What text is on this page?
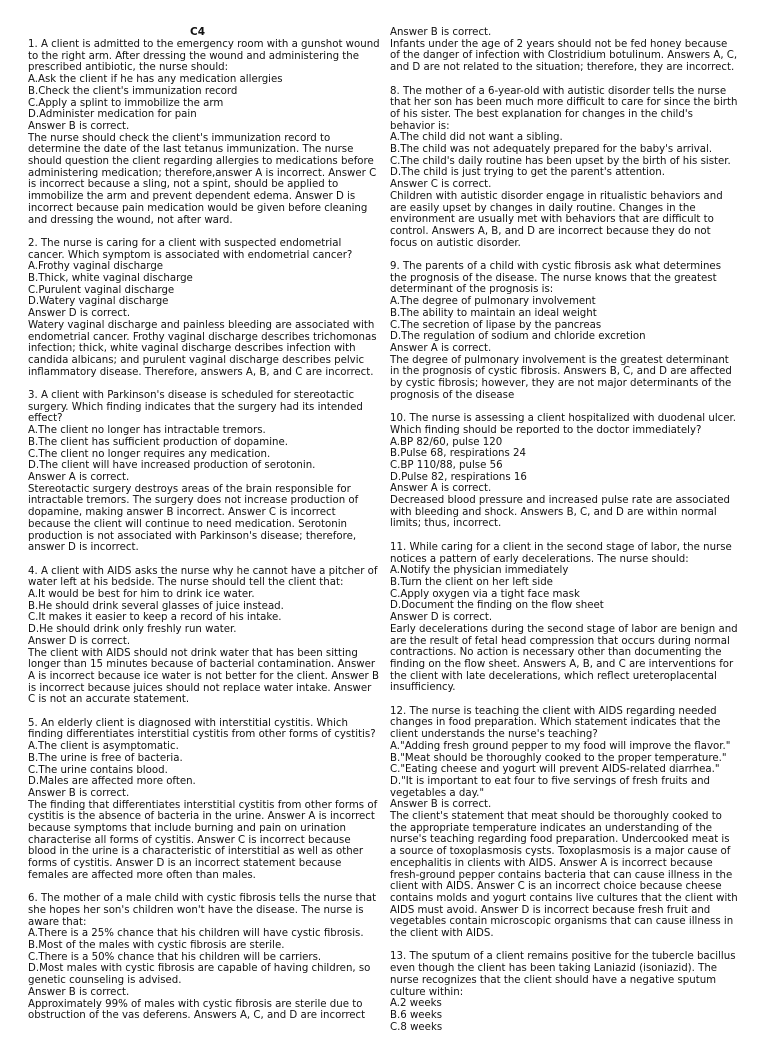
C4
1. A client is admitted to the emergency room with a gunshot wound to the right arm. After dressing the wound and administering the prescribed antibiotic, the nurse should:
A.Ask the client if he has any medication allergies
B.Check the client's immunization record
C.Apply a splint to immobilize the arm
D.Administer medication for pain
Answer B is correct.
The nurse should check the client's immunization record to determine the date of the last tetanus immunization. The nurse should question the client regarding allergies to medications before administering medication; therefore,answer A is incorrect. Answer C is incorrect because a sling, not a spint, should be applied to immobilize the arm and prevent dependent edema. Answer D is incorrect because pain medication would be given before cleaning and dressing the wound, not after ward.
2. The nurse is caring for a client with suspected endometrial cancer. Which symptom is associated with endometrial cancer?
A.Frothy vaginal discharge
B.Thick, white vaginal discharge
C.Purulent vaginal discharge
D.Watery vaginal discharge
Answer D is correct.
Watery vaginal discharge and painless bleeding are associated with endometrial cancer. Frothy vaginal discharge describes trichomonas infection; thick, white vaginal discharge describes infection with candida albicans; and purulent vaginal discharge describes pelvic inflammatory disease. Therefore, answers A, B, and C are incorrect.
3. A client with Parkinson's disease is scheduled for stereotactic surgery. Which finding indicates that the surgery had its intended effect?
A.The client no longer has intractable tremors.
B.The client has sufficient production of dopamine.
C.The client no longer requires any medication.
D.The client will have increased production of serotonin.
Answer A is correct.
Stereotactic surgery destroys areas of the brain responsible for intractable tremors. The surgery does not increase production of dopamine, making answer B incorrect. Answer C is incorrect because the client will continue to need medication. Serotonin production is not associated with Parkinson's disease; therefore, answer D is incorrect.
4. A client with AIDS asks the nurse why he cannot have a pitcher of water left at his bedside. The nurse should tell the client that:
A.It would be best for him to drink ice water.
B.He should drink several glasses of juice instead.
C.It makes it easier to keep a record of his intake.
D.He should drink only freshly run water.
Answer D is correct.
The client with AIDS should not drink water that has been sitting longer than 15 minutes because of bacterial contamination. Answer A is incorrect because ice water is not better for the client. Answer B is incorrect because juices should not replace water intake. Answer C is not an accurate statement.
5. An elderly client is diagnosed with interstitial cystitis. Which finding differentiates interstitial cystitis from other forms of cystitis?
A.The client is asymptomatic.
B.The urine is free of bacteria.
C.The urine contains blood.
D.Males are affected more often.
Answer B is correct.
The finding that differentiates interstitial cystitis from other forms of cystitis is the absence of bacteria in the urine. Answer A is incorrect because symptoms that include burning and pain on urination characterise all forms of cystitis. Answer C is incorrect because blood in the urine is a characteristic of interstitial as well as other forms of cystitis. Answer D is an incorrect statement because females are affected more often than males.
6. The mother of a male child with cystic fibrosis tells the nurse that she hopes her son's children won't have the disease. The nurse is aware that:
A.There is a 25% chance that his children will have cystic fibrosis.
B.Most of the males with cystic fibrosis are sterile.
C.There is a 50% chance that his children will be carriers.
D.Most males with cystic fibrosis are capable of having children, so genetic counseling is advised.
Answer B is correct.
Approximately 99% of males with cystic fibrosis are sterile due to obstruction of the vas deferens. Answers A, C, and D are incorrect
Answer B is correct.
Infants under the age of 2 years should not be fed honey because of the danger of infection with Clostridium botulinum. Answers A, C, and D are not related to the situation; therefore, they are incorrect.
8. The mother of a 6-year-old with autistic disorder tells the nurse that her son has been much more difficult to care for since the birth of his sister. The best explanation for changes in the child's behavior is:
A.The child did not want a sibling.
B.The child was not adequately prepared for the baby's arrival.
C.The child's daily routine has been upset by the birth of his sister.
D.The child is just trying to get the parent's attention.
Answer C is correct.
Children with autistic disorder engage in ritualistic behaviors and are easily upset by changes in daily routine. Changes in the environment are usually met with behaviors that are difficult to control. Answers A, B, and D are incorrect because they do not focus on autistic disorder.
9. The parents of a child with cystic fibrosis ask what determines the prognosis of the disease. The nurse knows that the greatest determinant of the prognosis is:
A.The degree of pulmonary involvement
B.The ability to maintain an ideal weight
C.The secretion of lipase by the pancreas
D.The regulation of sodium and chloride excretion
Answer A is correct.
The degree of pulmonary involvement is the greatest determinant in the prognosis of cystic fibrosis. Answers B, C, and D are affected by cystic fibrosis; however, they are not major determinants of the prognosis of the disease
10. The nurse is assessing a client hospitalized with duodenal ulcer. Which finding should be reported to the doctor immediately?
A.BP 82/60, pulse 120
B.Pulse 68, respirations 24
C.BP 110/88, pulse 56
D.Pulse 82, respirations 16
Answer A is correct.
Decreased blood pressure and increased pulse rate are associated with bleeding and shock. Answers B, C, and D are within normal limits; thus, incorrect.
11. While caring for a client in the second stage of labor, the nurse notices a pattern of early decelerations. The nurse should:
A.Notify the physician immediately
B.Turn the client on her left side
C.Apply oxygen via a tight face mask
D.Document the finding on the flow sheet
Answer D is correct.
Early decelerations during the second stage of labor are benign and are the result of fetal head compression that occurs during normal contractions. No action is necessary other than documenting the finding on the flow sheet. Answers A, B, and C are interventions for the client with late decelerations, which reflect ureteroplacental insufficiency.
12. The nurse is teaching the client with AIDS regarding needed changes in food preparation. Which statement indicates that the client understands the nurse's teaching?
A."Adding fresh ground pepper to my food will improve the flavor."
B."Meat should be thoroughly cooked to the proper temperature."
C."Eating cheese and yogurt will prevent AIDS-related diarrhea."
D."It is important to eat four to five servings of fresh fruits and vegetables a day."
Answer B is correct.
The client's statement that meat should be thoroughly cooked to the appropriate temperature indicates an understanding of the nurse's teaching regarding food preparation. Undercooked meat is a source of toxoplasmosis cysts. Toxoplasmosis is a major cause of encephalitis in clients with AIDS. Answer A is incorrect because fresh-ground pepper contains bacteria that can cause illness in the client with AIDS. Answer C is an incorrect choice because cheese contains molds and yogurt contains live cultures that the client with AIDS must avoid. Answer D is incorrect because fresh fruit and vegetables contain microscopic organisms that can cause illness in the client with AIDS.
13. The sputum of a client remains positive for the tubercle bacillus even though the client has been taking Laniazid (isoniazid). The nurse recognizes that the client should have a negative sputum culture within:
A.2 weeks
B.6 weeks
C.8 weeks
